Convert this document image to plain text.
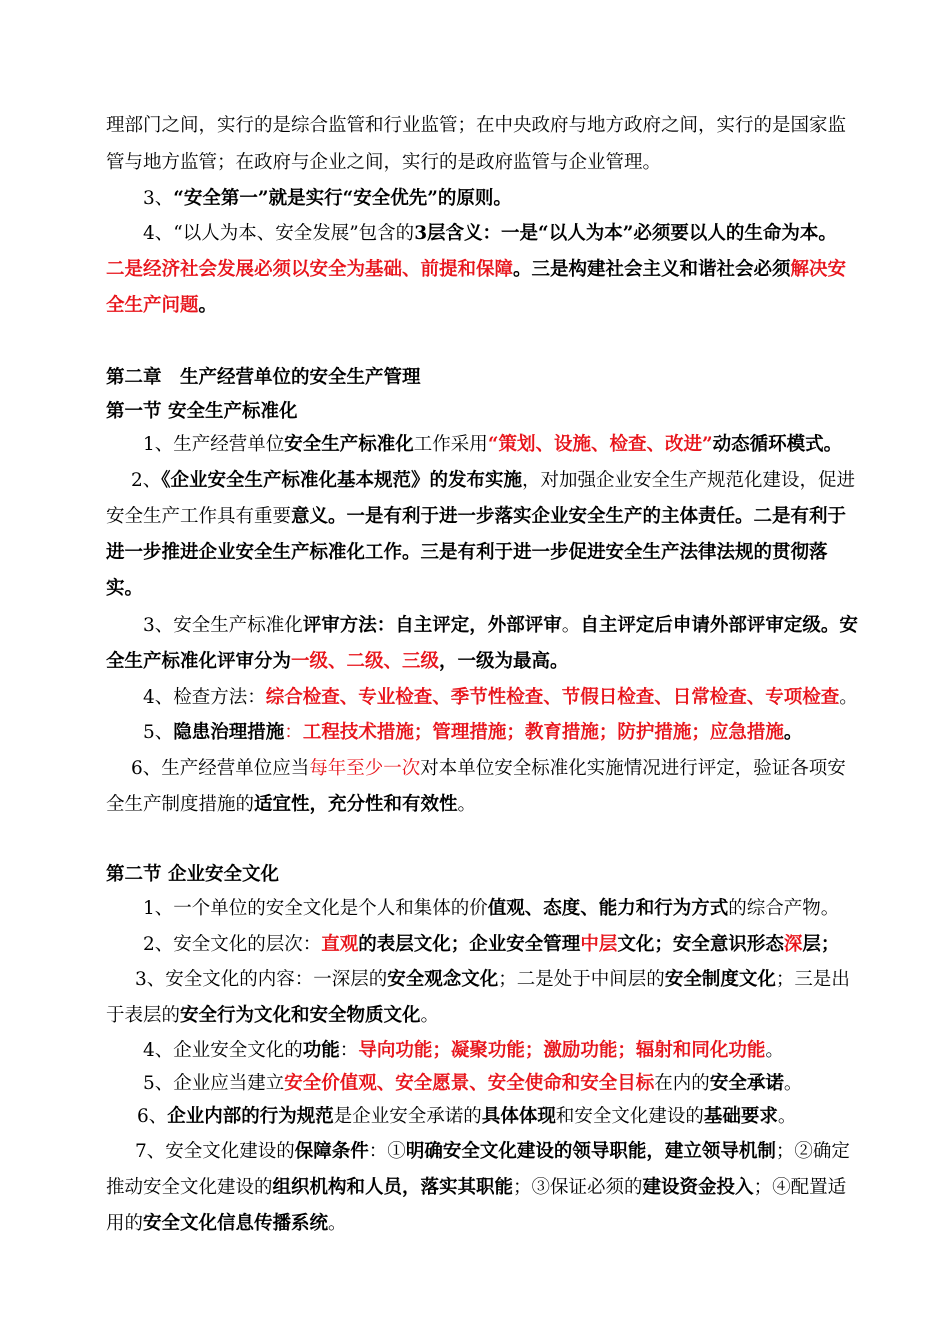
理部门之间，实行的是综合监管和行业监管；在中央政府与地方政府之间，实行的是国家监
管与地方监管；在政府与企业之间，实行的是政府监管与企业管理。
3、“安全第一”就是实行“安全优先”的原则。
4、“以人为本、安全发展”包含的3层含义：一是“以人为本”必须要以人的生命为本。
二是经济社会发展必须以安全为基础、前提和保障。三是构建社会主义和谐社会必须解决安
全生产问题。
第二章　生产经营单位的安全生产管理
第一节 安全生产标准化
1、生产经营单位安全生产标准化工作采用“策划、设施、检查、改进”动态循环模式。
2、《企业安全生产标准化基本规范》的发布实施，对加强企业安全生产规范化建设，促进
安全生产工作具有重要意义。一是有利于进一步落实企业安全生产的主体责任。二是有利于
进一步推进企业安全生产标准化工作。三是有利于进一步促进安全生产法律法规的贯彻落
实。
3、安全生产标准化评审方法：自主评定，外部评审。自主评定后申请外部评审定级。安
全生产标准化评审分为一级、二级、三级，一级为最高。
4、检查方法：综合检查、专业检查、季节性检查、节假日检查、日常检查、专项检查。
5、隐患治理措施：工程技术措施；管理措施；教育措施；防护措施；应急措施。
6、生产经营单位应当每年至少一次对本单位安全标准化实施情况进行评定，验证各项安
全生产制度措施的适宜性，充分性和有效性。
第二节 企业安全文化
1、一个单位的安全文化是个人和集体的价值观、态度、能力和行为方式的综合产物。
2、安全文化的层次：直观的表层文化；企业安全管理中层文化；安全意识形态深层；
3、安全文化的内容：一深层的安全观念文化；二是处于中间层的安全制度文化；三是出
于表层的安全行为文化和安全物质文化。
4、企业安全文化的功能：导向功能；凝聚功能；激励功能；辐射和同化功能。
5、企业应当建立安全价值观、安全愿景、安全使命和安全目标在内的安全承诺。
6、企业内部的行为规范是企业安全承诺的具体体现和安全文化建设的基础要求。
7、安全文化建设的保障条件：①明确安全文化建设的领导职能，建立领导机制；②确定
推动安全文化建设的组织机构和人员，落实其职能；③保证必须的建设资金投入；④配置适
用的安全文化信息传播系统。
